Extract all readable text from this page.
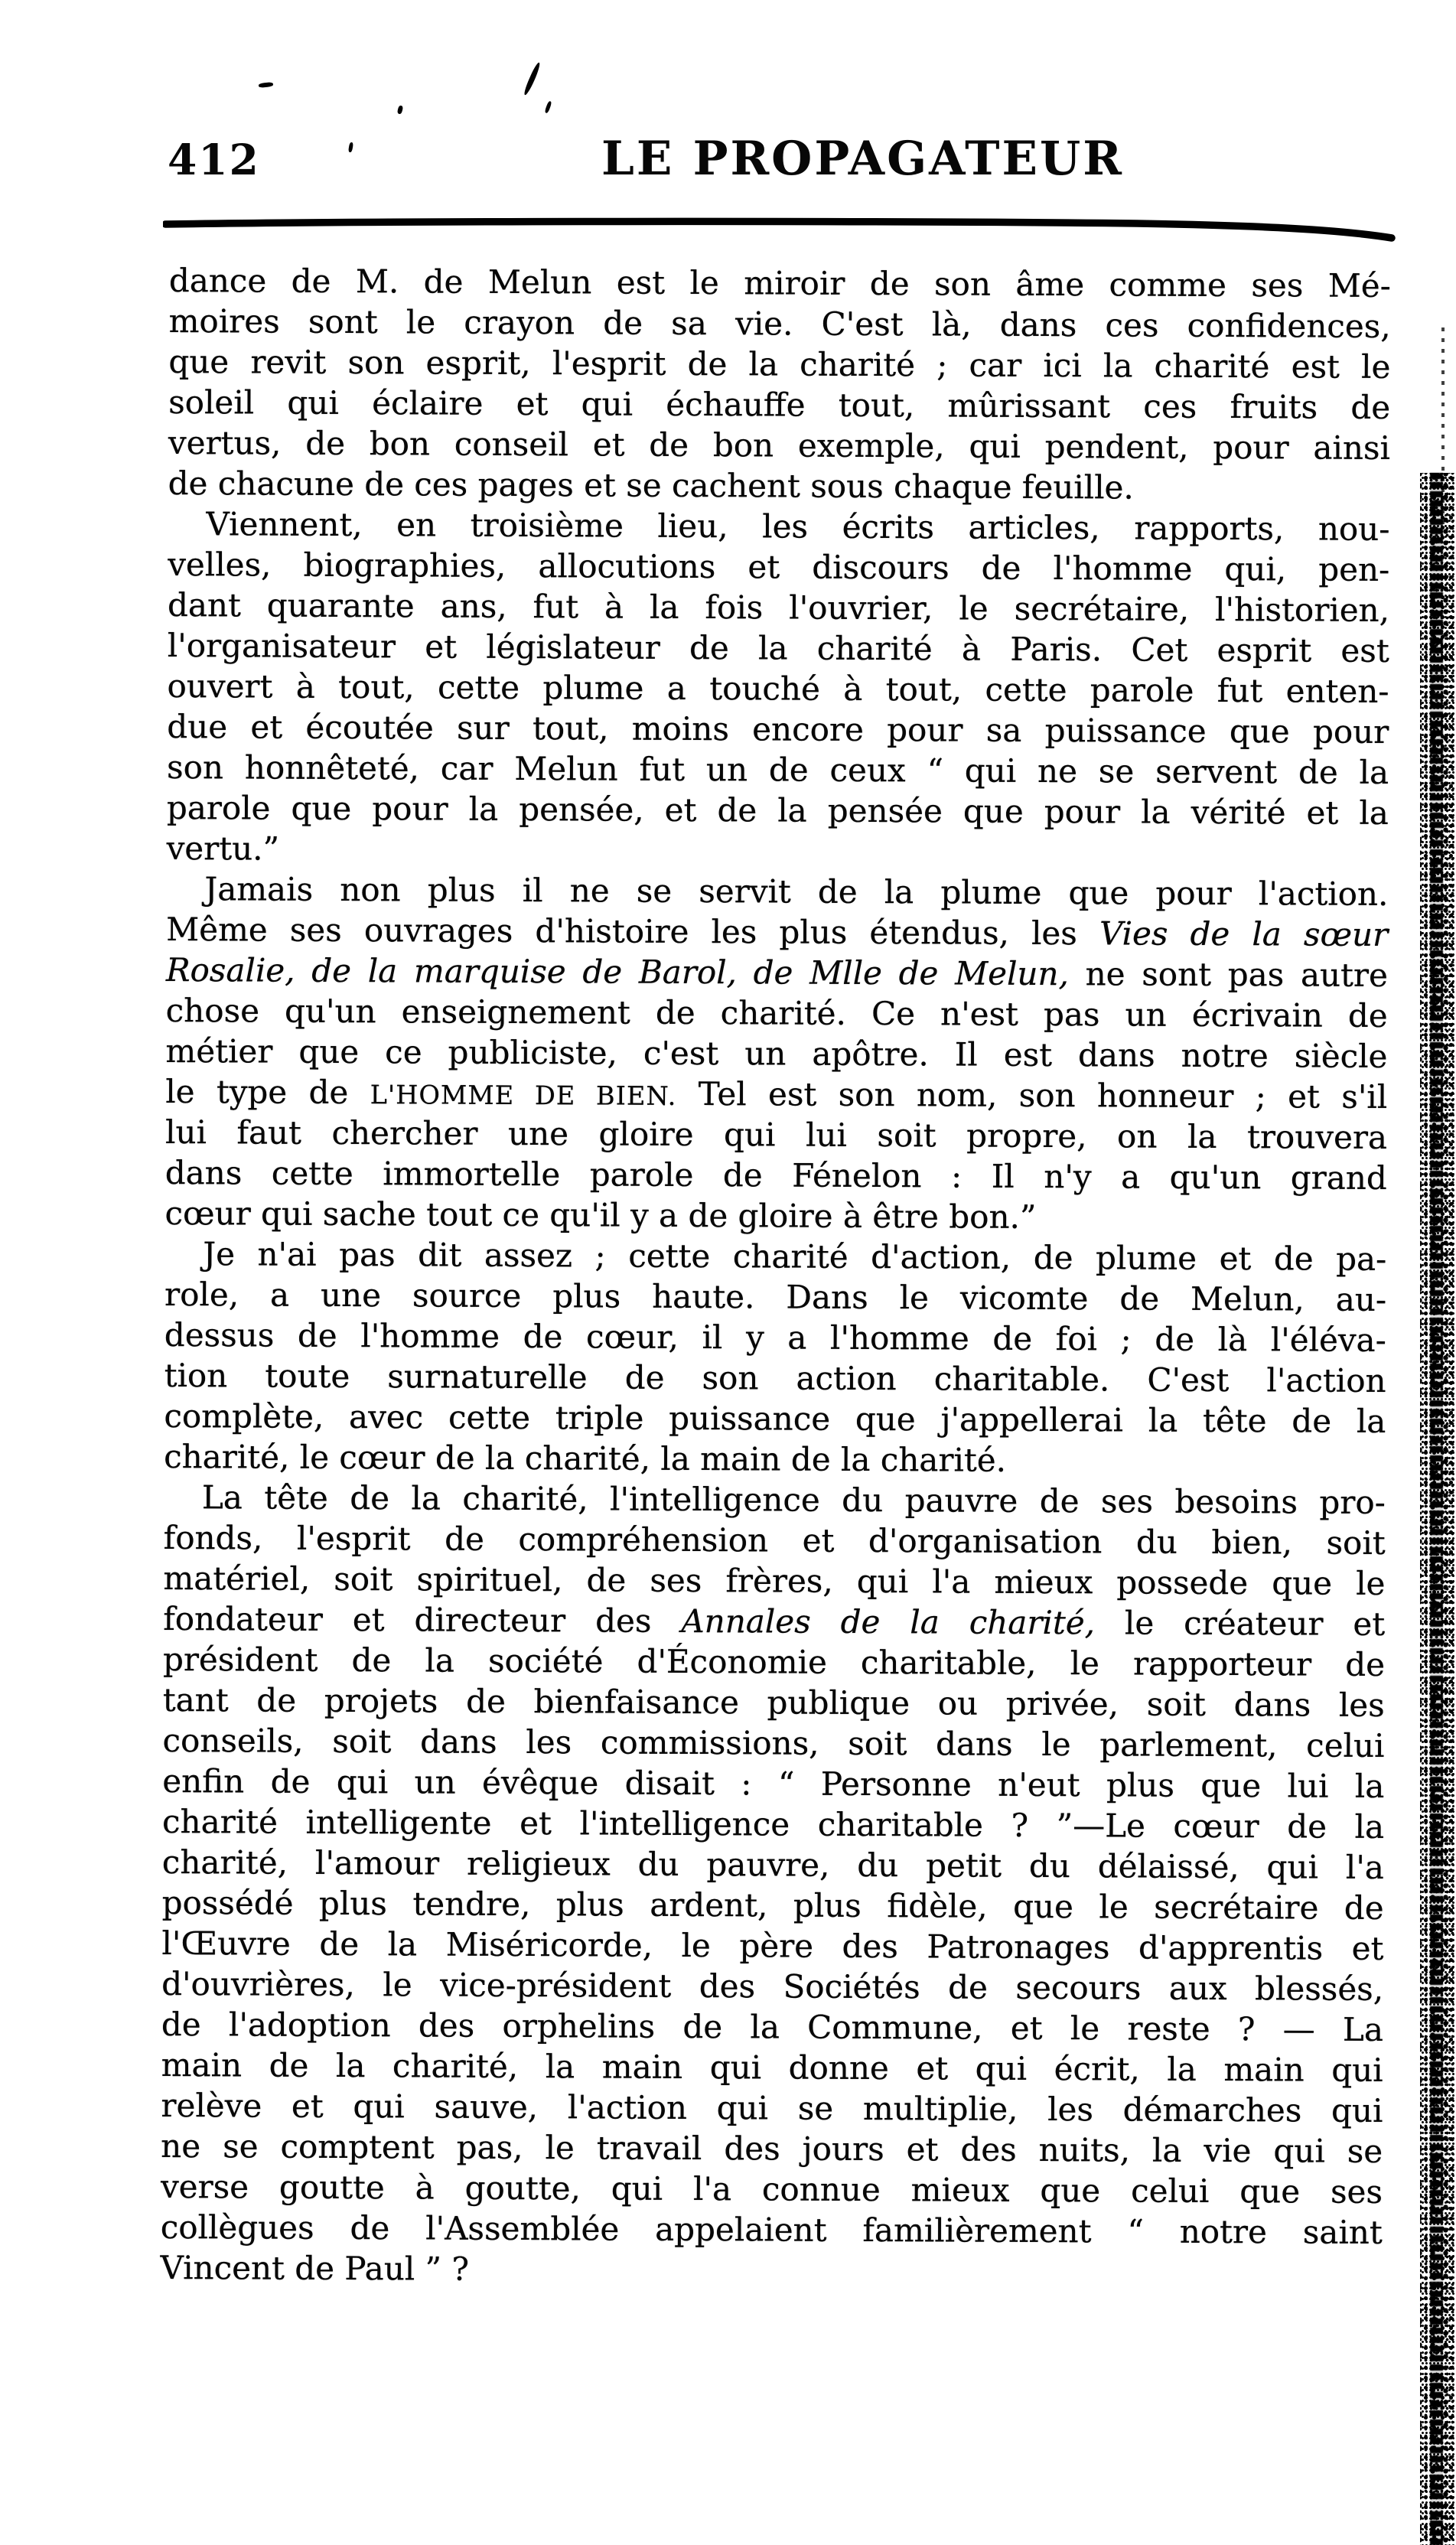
412	LE PROPAGATEUR
dance de M. de Melun est le miroir de son âme comme ses Mé-
moires sont le crayon de sa vie. C'est là, dans ces confidences,
que revit son esprit, l'esprit de la charité ; car ici la charité est le
soleil qui éclaire et qui échauffe tout, mûrissant ces fruits de
vertus, de bon conseil et de bon exemple, qui pendent, pour ainsi
de chacune de ces pages et se cachent sous chaque feuille.
Viennent, en troisième lieu, les écrits articles, rapports, nou-
velles, biographies, allocutions et discours de l'homme qui, pen-
dant quarante ans, fut à la fois l'ouvrier, le secrétaire, l'historien,
l'organisateur et législateur de la charité à Paris. Cet esprit est
ouvert à tout, cette plume a touché à tout, cette parole fut enten-
due et écoutée sur tout, moins encore pour sa puissance que pour
son honnêteté, car Melun fut un de ceux “ qui ne se servent de la
parole que pour la pensée, et de la pensée que pour la vérité et la
vertu.”
Jamais non plus il ne se servit de la plume que pour l'action.
Même ses ouvrages d'histoire les plus étendus, les Vies de la sœur
Rosalie, de la marquise de Barol, de Mlle de Melun, ne sont pas autre
chose qu'un enseignement de charité. Ce n'est pas un écrivain de
métier que ce publiciste, c'est un apôtre. Il est dans notre siècle
le type de L'HOMME DE BIEN. Tel est son nom, son honneur ; et s'il
lui faut chercher une gloire qui lui soit propre, on la trouvera
dans cette immortelle parole de Fénelon : Il n'y a qu'un grand
cœur qui sache tout ce qu'il y a de gloire à être bon.”
Je n'ai pas dit assez ; cette charité d'action, de plume et de pa-
role, a une source plus haute. Dans le vicomte de Melun, au-
dessus de l'homme de cœur, il y a l'homme de foi ; de là l'éléva-
tion toute surnaturelle de son action charitable. C'est l'action
complète, avec cette triple puissance que j'appellerai la tête de la
charité, le cœur de la charité, la main de la charité.
La tête de la charité, l'intelligence du pauvre de ses besoins pro-
fonds, l'esprit de compréhension et d'organisation du bien, soit
matériel, soit spirituel, de ses frères, qui l'a mieux possede que le
fondateur et directeur des Annales de la charité, le créateur et
président de la société d'Économie charitable, le rapporteur de
tant de projets de bienfaisance publique ou privée, soit dans les
conseils, soit dans les commissions, soit dans le parlement, celui
enfin de qui un évêque disait : “ Personne n'eut plus que lui la
charité intelligente et l'intelligence charitable ? ”—Le cœur de la
charité, l'amour religieux du pauvre, du petit du délaissé, qui l'a
possédé plus tendre, plus ardent, plus fidèle, que le secrétaire de
l'Œuvre de la Miséricorde, le père des Patronages d'apprentis et
d'ouvrières, le vice-président des Sociétés de secours aux blessés,
de l'adoption des orphelins de la Commune, et le reste ? — La
main de la charité, la main qui donne et qui écrit, la main qui
relève et qui sauve, l'action qui se multiplie, les démarches qui
ne se comptent pas, le travail des jours et des nuits, la vie qui se
verse goutte à goutte, qui l'a connue mieux que celui que ses
collègues de l'Assemblée appelaient familièrement “ notre saint
Vincent de Paul ” ?
